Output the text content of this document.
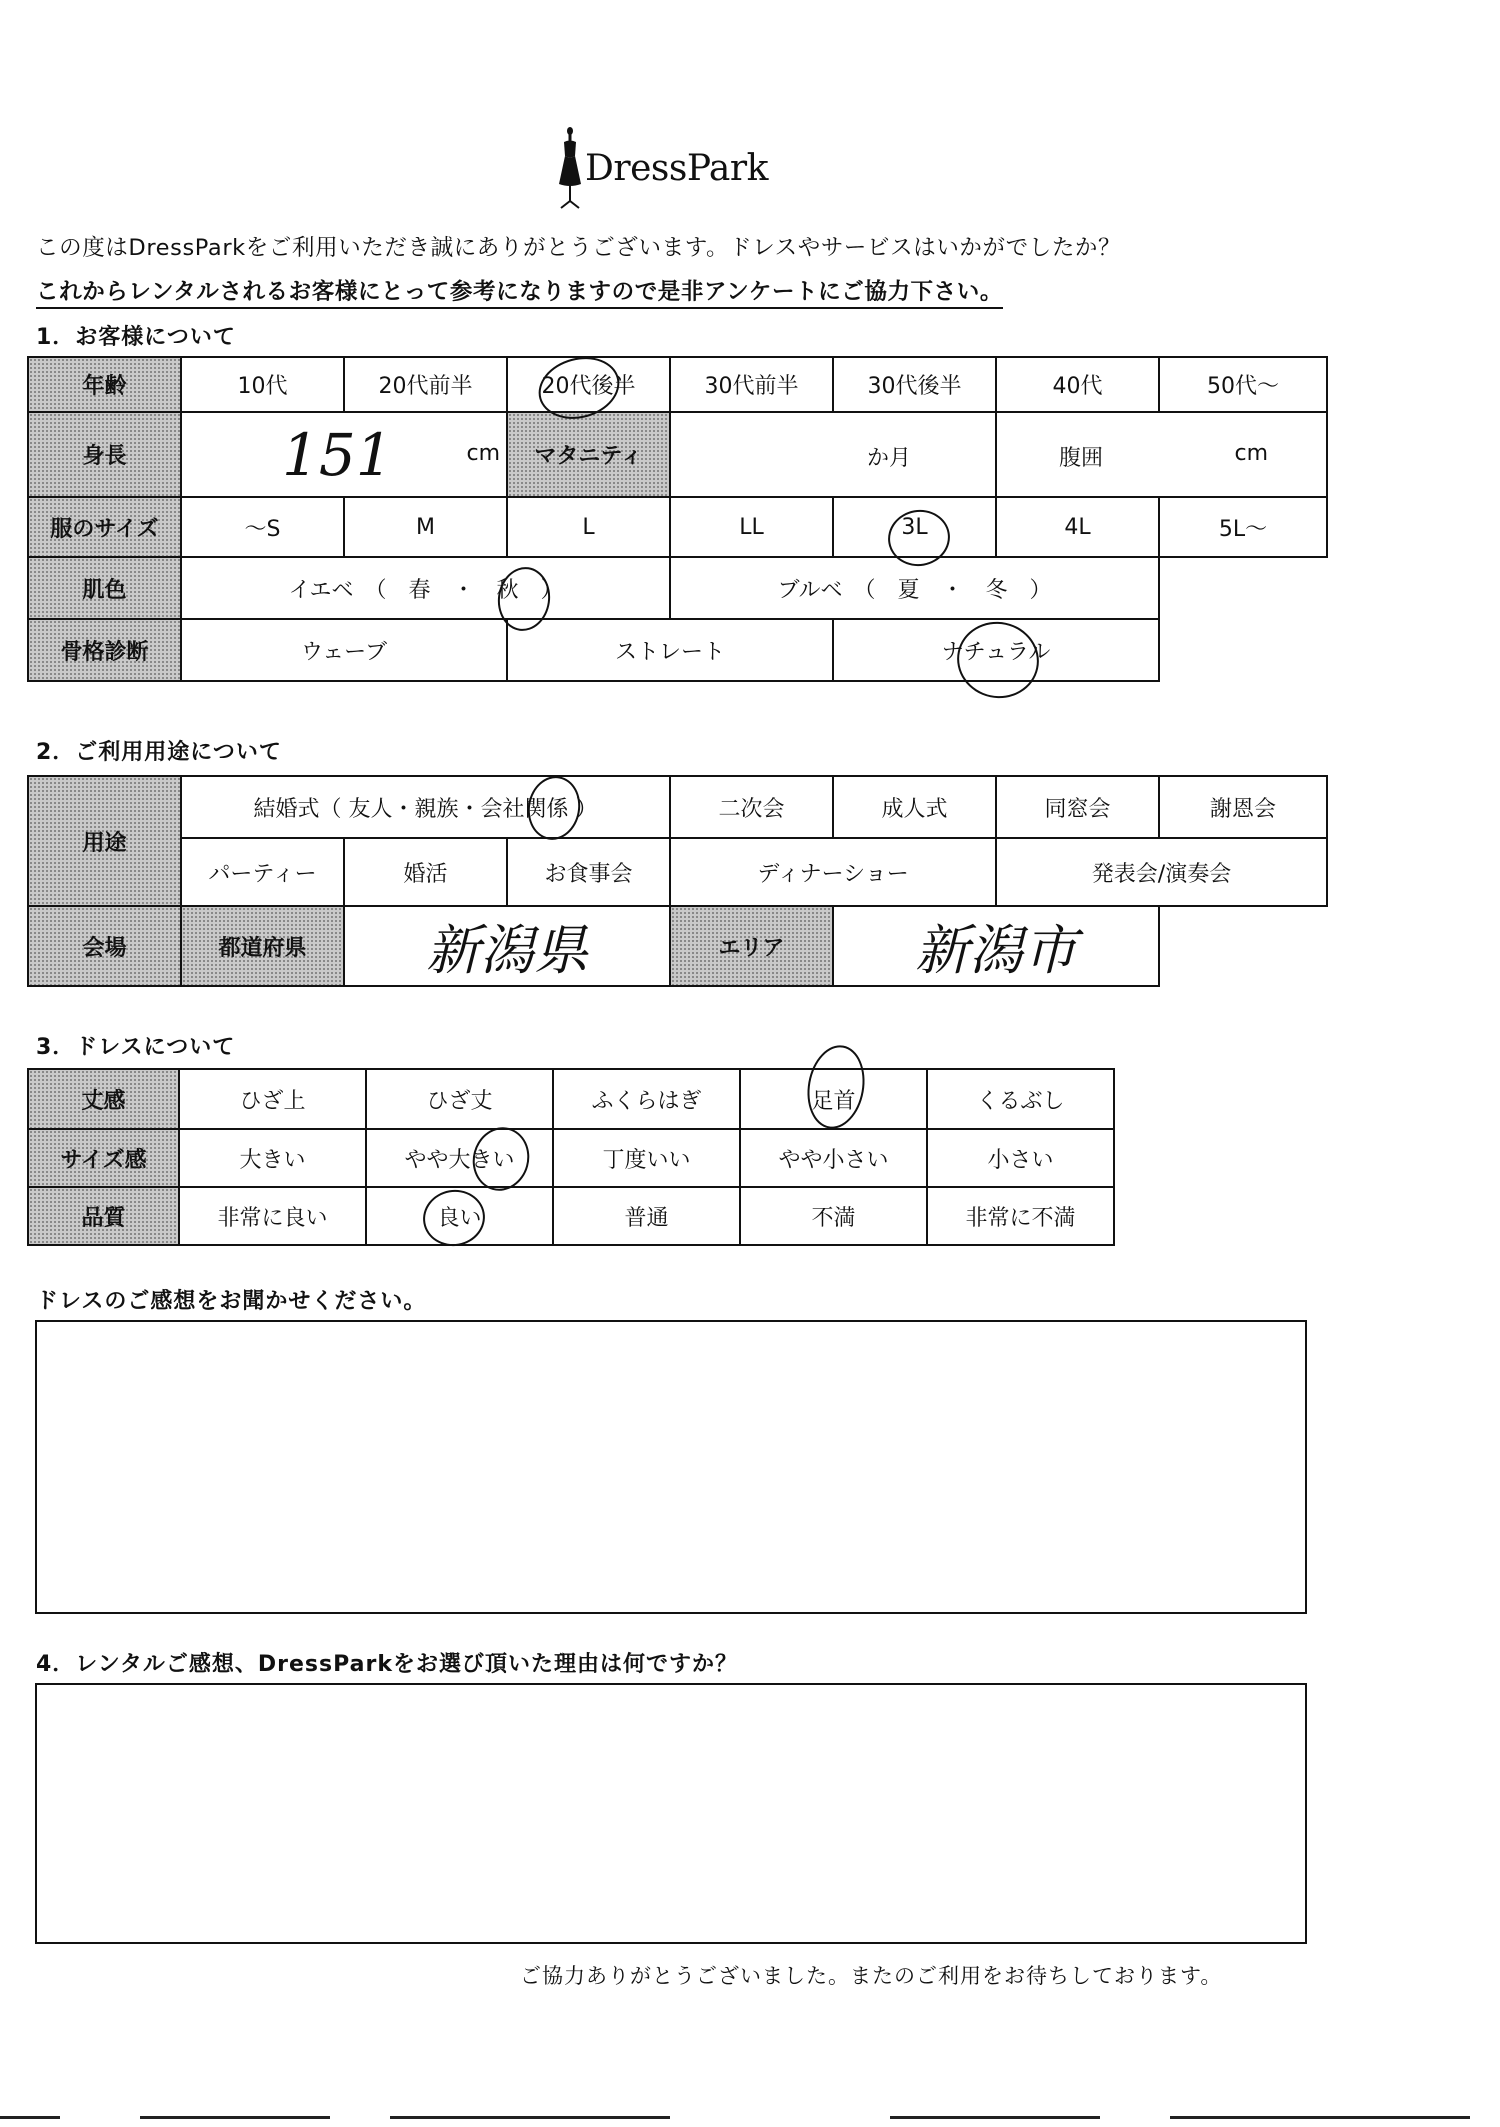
DressPark
この度はDressParkをご利用いただき誠にありがとうございます。ドレスやサービスはいかがでしたか？
これからレンタルされるお客様にとって参考になりますので是非アンケートにご協力下さい。
1．お客様について
年齢	10代	20代前半	20代後半	30代前半	30代後半	40代	50代～
身長	151 cm		マタニティ	か月		腹囲 cm	

服のサイズ	～S	M	L	LL	3L	4L	5L～
肌色	イエベ　（　春　・　秋　）			ブルベ　（　夏　・　冬　）			
骨格診断	ウェーブ		ストレート		ナチュラル		
2．ご利用用途について
用途	結婚式（ 友人・親族・会社関係 ）			二次会	成人式	同窓会	謝恩会
	パーティー	婚活	お食事会	ディナーショー		発表会/演奏会	
会場	都道府県	新潟県		エリア	新潟市		
3．ドレスについて
丈感	ひざ上	ひざ丈	ふくらはぎ	足首	くるぶし
サイズ感	大きい	やや大きい	丁度いい	やや小さい	小さい
品質	非常に良い	良い	普通	不満	非常に不満
ドレスのご感想をお聞かせください。
4．レンタルご感想、DressParkをお選び頂いた理由は何ですか？
ご協力ありがとうございました。またのご利用をお待ちしております。
